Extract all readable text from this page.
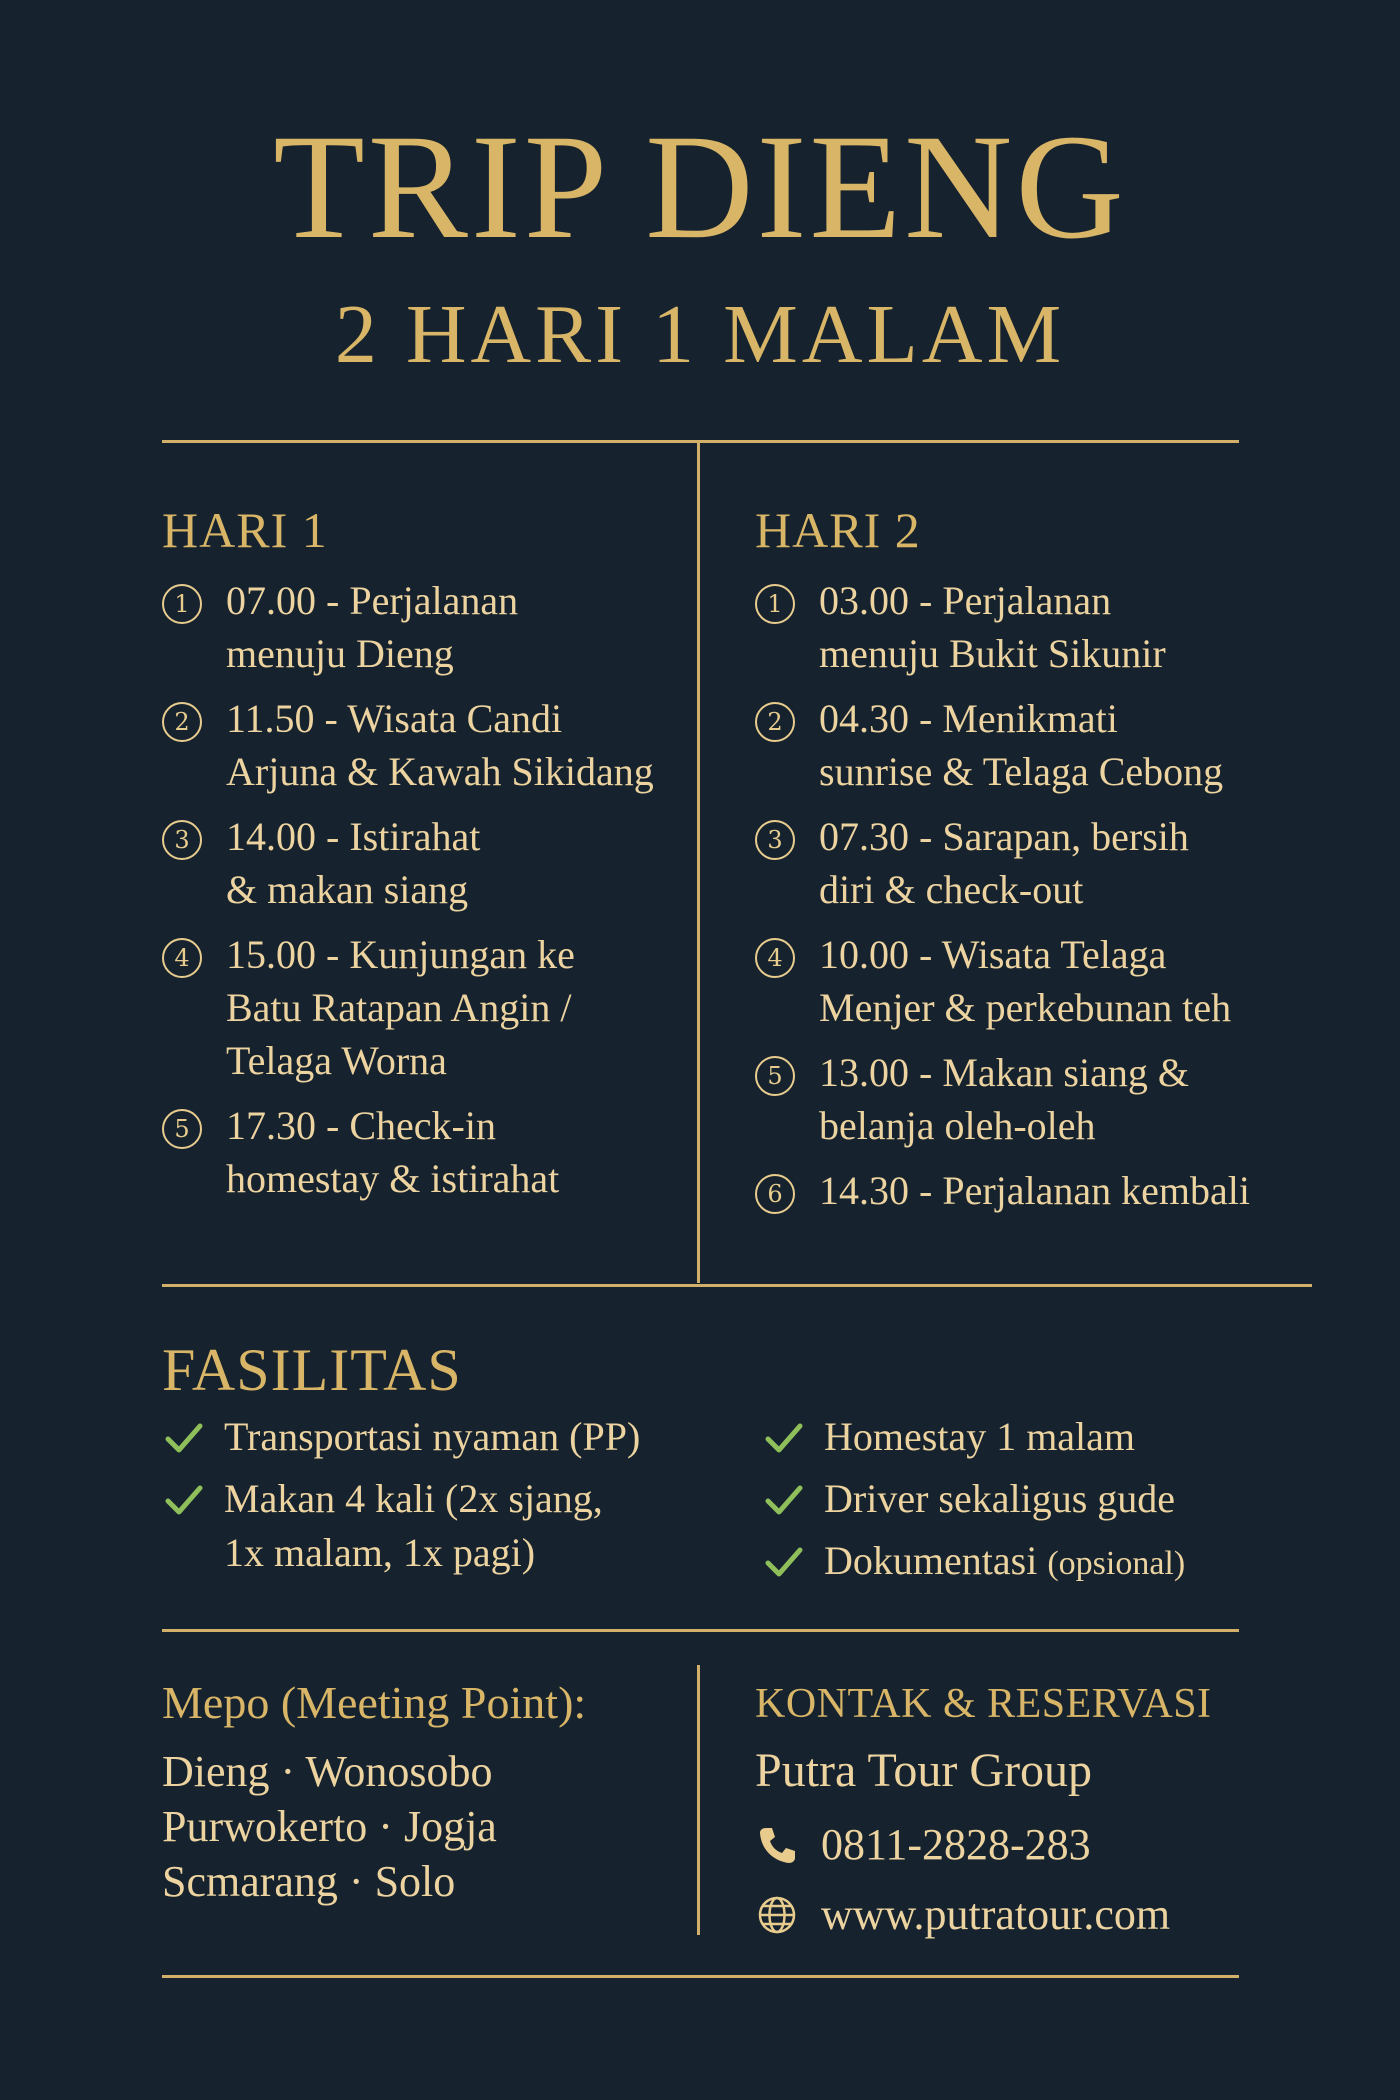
TRIP DIENG
2 HARI 1 MALAM
HARI 1
1 07.00 - Perjalanan
menuju Dieng
2 11.50 - Wisata Candi
Arjuna & Kawah Sikidang
3 14.00 - Istirahat
& makan siang
4 15.00 - Kunjungan ke
Batu Ratapan Angin /
Telaga Worna
5 17.30 - Check-in
homestay & istirahat
HARI 2
1 03.00 - Perjalanan
menuju Bukit Sikunir
2 04.30 - Menikmati
sunrise & Telaga Cebong
3 07.30 - Sarapan, bersih
diri & check-out
4 10.00 - Wisata Telaga
Menjer & perkebunan teh
5 13.00 - Makan siang &
belanja oleh-oleh
6 14.30 - Perjalanan kembali
FASILITAS
Transportasi nyaman (PP)
Makan 4 kali (2x sjang,
1x malam, 1x pagi)
Homestay 1 malam
Driver sekaligus gude
Dokumentasi (opsional)
Mepo (Meeting Point):
Dieng · Wonosobo
Purwokerto · Jogja
Scmarang · Solo
KONTAK & RESERVASI
Putra Tour Group
0811-2828-283
www.putratour.com
